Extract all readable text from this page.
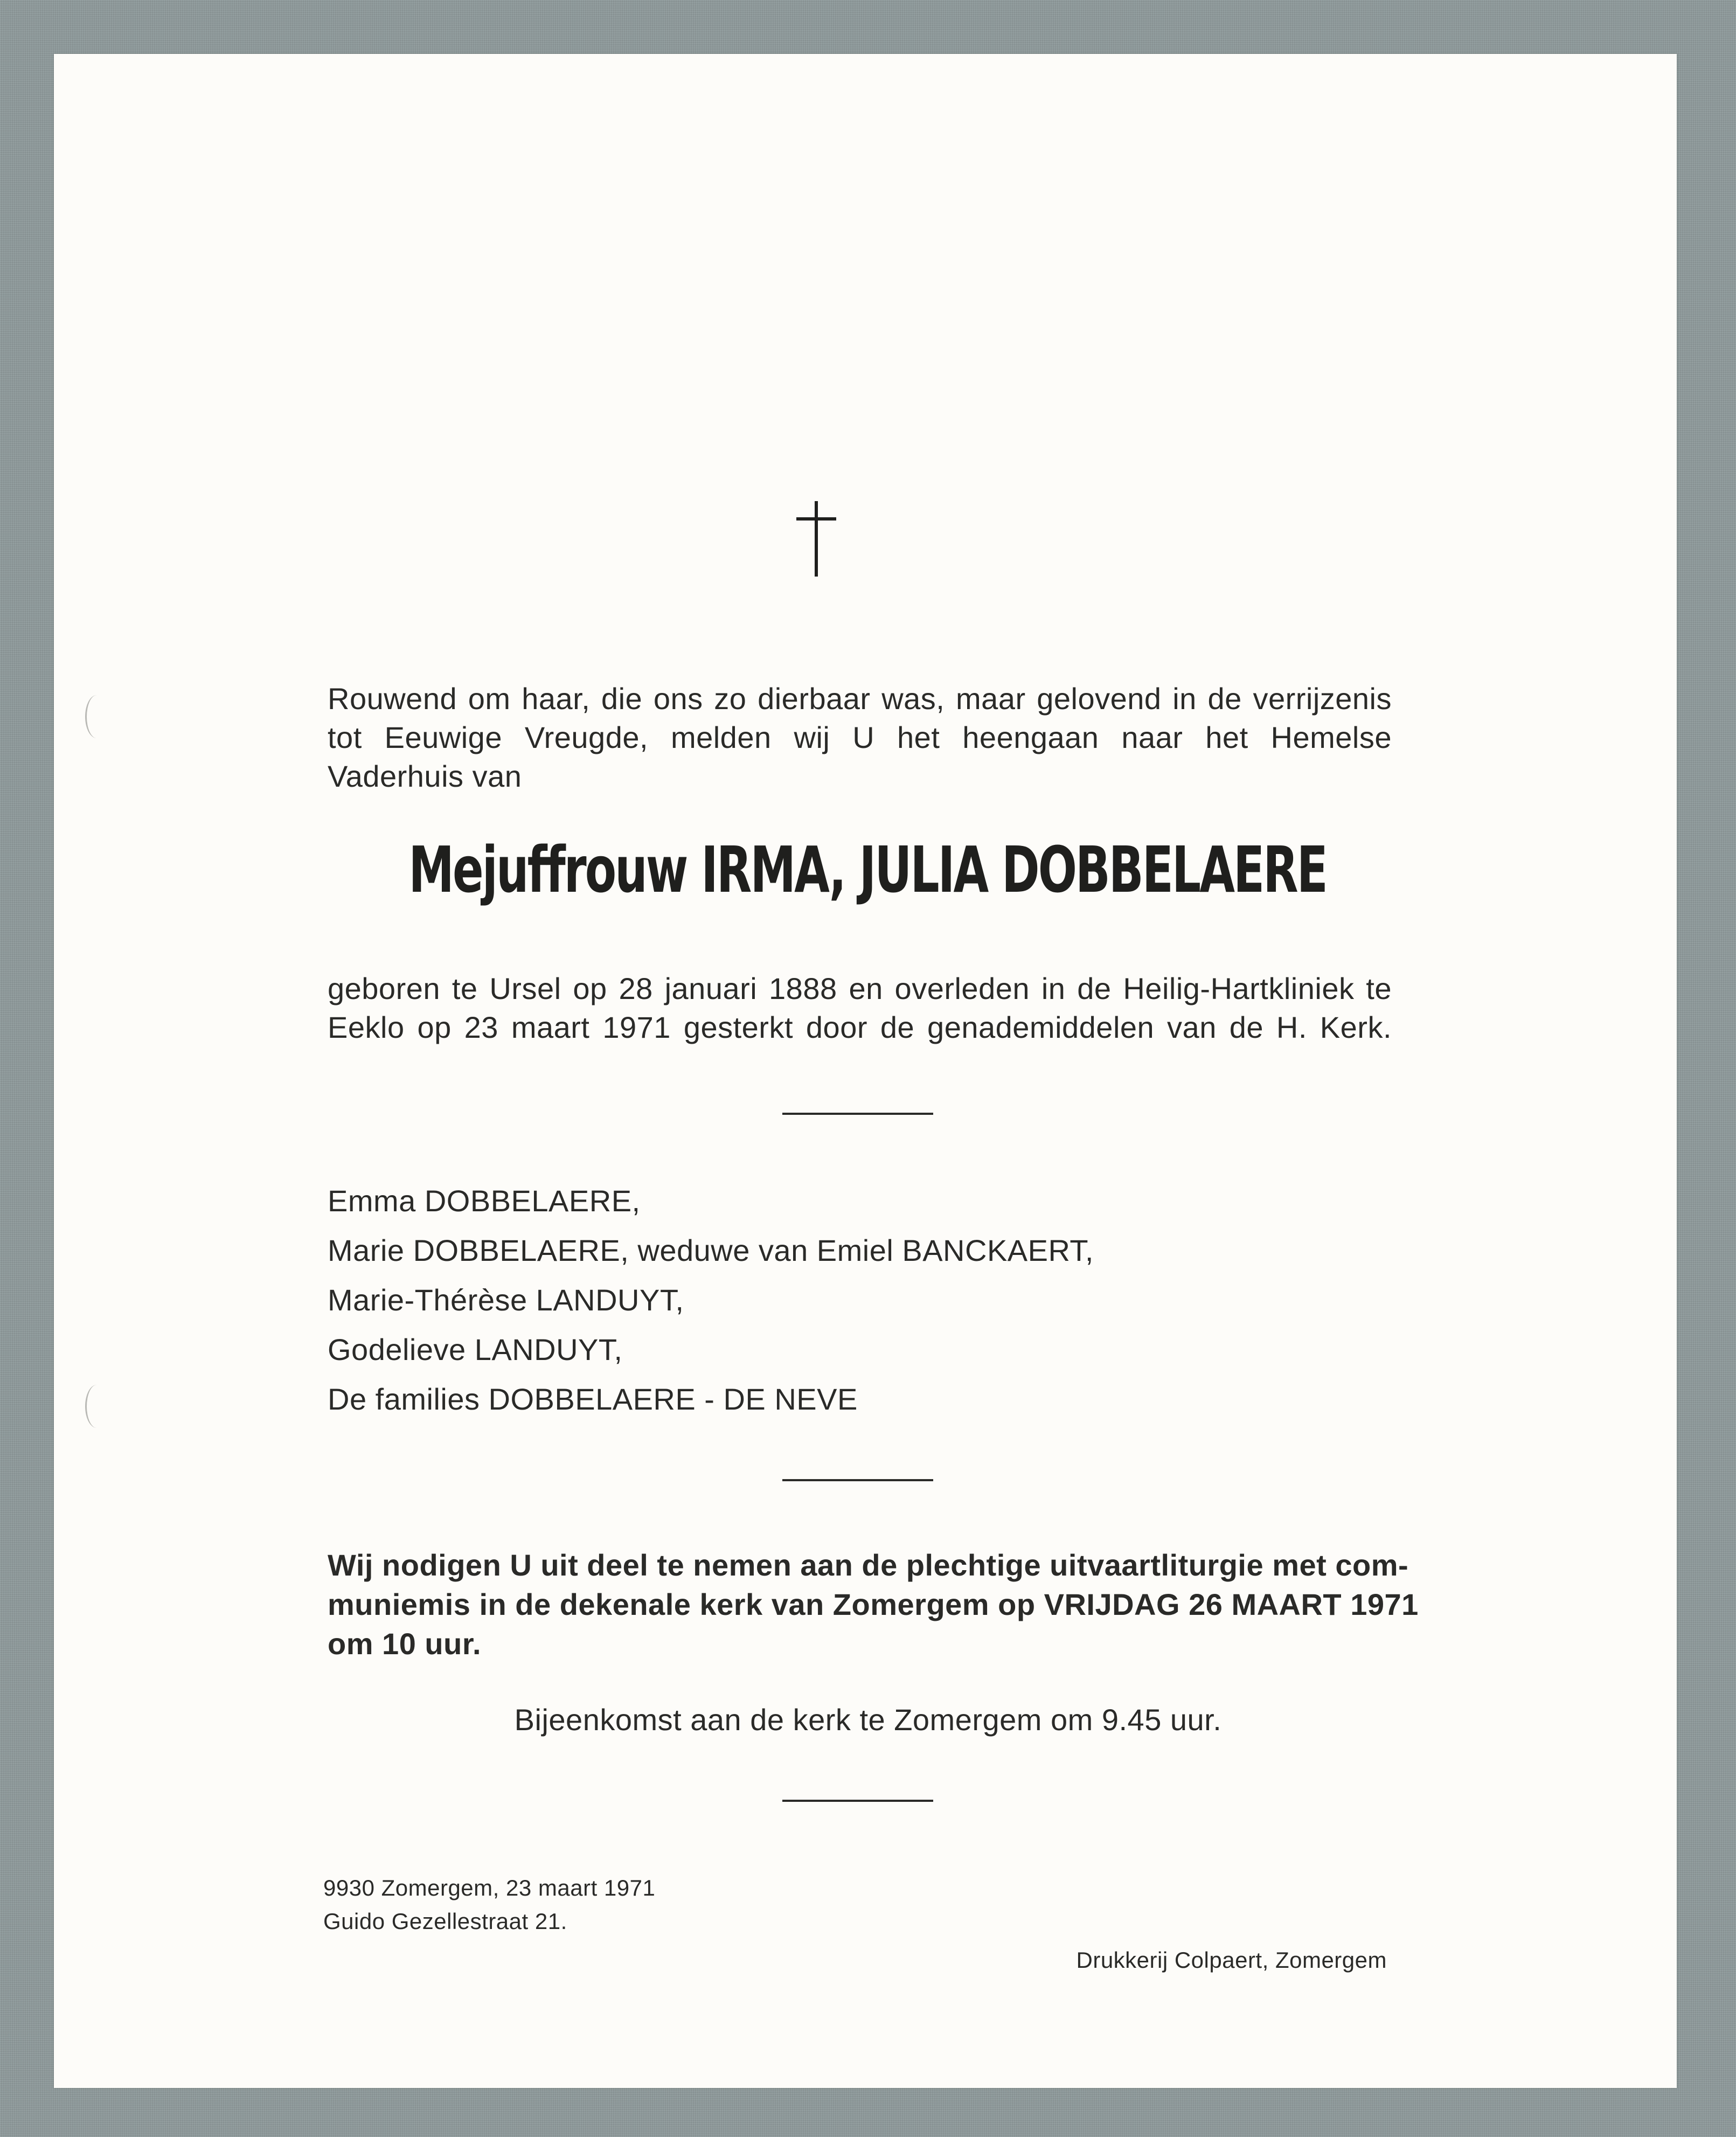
Rouwend om haar, die ons zo dierbaar was, maar gelovend in de verrijzenis

tot Eeuwige Vreugde, melden wij U het heengaan naar het Hemelse

Vaderhuis van

Mejuffrouw IRMA, JULIA DOBBELAERE

geboren te Ursel op 28 januari 1888 en overleden in de Heilig-Hartkliniek te

Eeklo op 23 maart 1971 gesterkt door de genademiddelen van de H. Kerk.

Emma DOBBELAERE,

Marie DOBBELAERE, weduwe van Emiel BANCKAERT,

Marie-Thérèse LANDUYT,

Godelieve LANDUYT,

De families DOBBELAERE - DE NEVE

Wij nodigen U uit deel te nemen aan de plechtige uitvaartliturgie met com-

muniemis in de dekenale kerk van Zomergem op VRIJDAG 26 MAART 1971

om 10 uur.

Bijeenkomst aan de kerk te Zomergem om 9.45 uur.

9930 Zomergem, 23 maart 1971

Guido Gezellestraat 21.

Drukkerij Colpaert, Zomergem
